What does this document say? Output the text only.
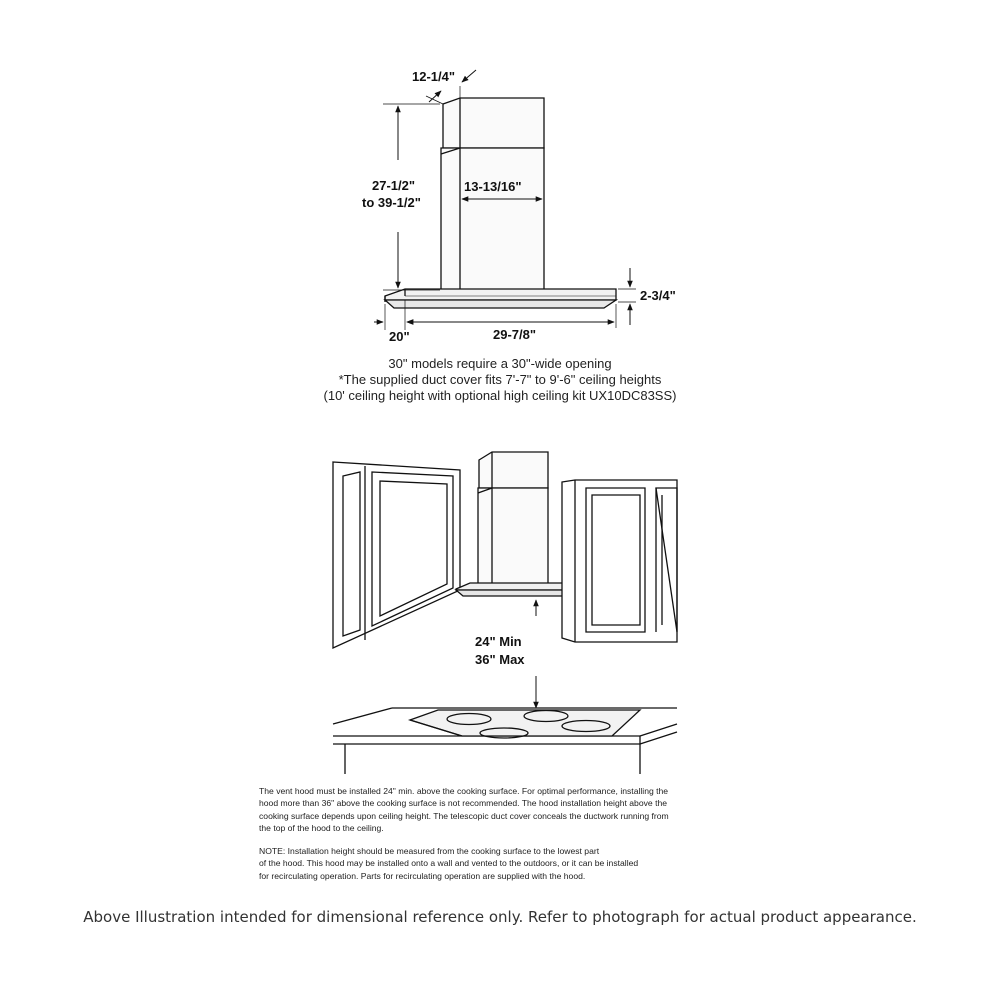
12-1/4"
27-1/2"
to 39-1/2"
13-13/16"
2-3/4"
20"	29-7/8"
24" Min
36" Max
30" models require a 30"-wide opening
*The supplied duct cover fits 7'-7" to 9'-6" ceiling heights
(10' ceiling height with optional high ceiling kit UX10DC83SS)
The vent hood must be installed 24" min. above the cooking surface. For optimal performance, installing the
hood more than 36" above the cooking surface is not recommended. The hood installation height above the
cooking surface depends upon ceiling height. The telescopic duct cover conceals the ductwork running from
the top of the hood to the ceiling.
NOTE: Installation height should be measured from the cooking surface to the lowest part
of the hood. This hood may be installed onto a wall and vented to the outdoors, or it can be installed
for recirculating operation. Parts for recirculating operation are supplied with the hood.
Above Illustration intended for dimensional reference only. Refer to photograph for actual product appearance.
